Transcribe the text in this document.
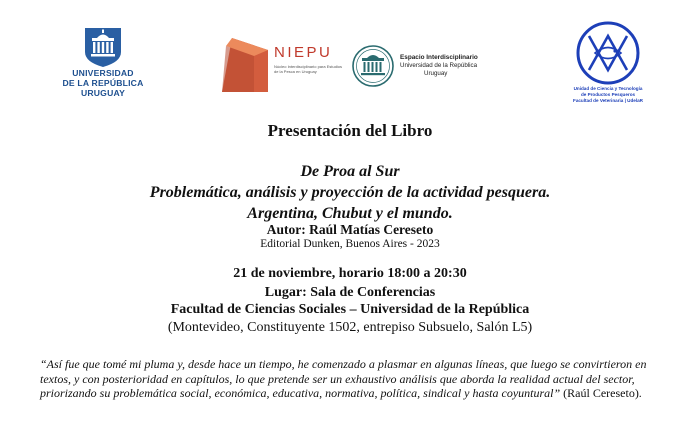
UNIVERSIDAD
DE LA REPÚBLICA
URUGUAY
NIEPU
Núcleo Interdisciplinario para Estudios de la Pesca en Uruguay
Espacio Interdisciplinario
Universidad de la República
Uruguay
Unidad de Ciencia y Tecnología
de Productos Pesqueros
Facultad de Veterinaria | UdelaR
Presentación del Libro
De Proa al Sur
Problemática, análisis y proyección de la actividad pesquera.
Argentina, Chubut y el mundo.
Autor: Raúl Matías Cereseto
Editorial Dunken, Buenos Aires - 2023
21 de noviembre, horario 18:00 a 20:30
Lugar: Sala de Conferencias
Facultad de Ciencias Sociales – Universidad de la República
(Montevideo, Constituyente 1502, entrepiso Subsuelo, Salón L5)
“Así fue que tomé mi pluma y, desde hace un tiempo, he comenzado a plasmar en algunas líneas, que luego se convirtieron en textos, y con posterioridad en capítulos, lo que pretende ser un exhaustivo análisis que aborda la realidad actual del sector, priorizando su problemática social, económica, educativa, normativa, política, sindical y hasta coyuntural” (Raúl Cereseto).
